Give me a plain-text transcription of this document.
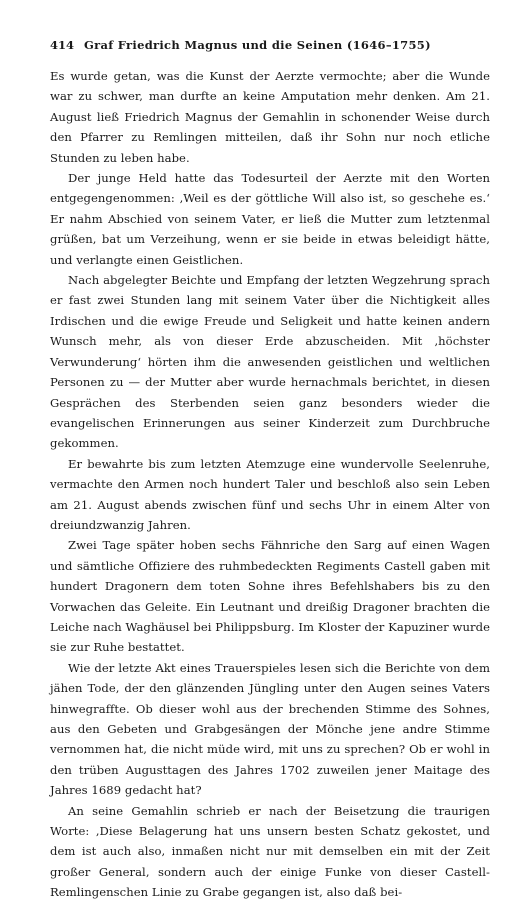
414 Graf Friedrich Magnus und die Seinen (1646–1755)

Es wurde getan, was die Kunst der Aerzte vermochte; aber die Wunde war zu schwer, man durfte an keine Amputation mehr denken. Am 21. August ließ Friedrich Magnus der Gemahlin in schonender Weise durch den Pfarrer zu Remlingen mitteilen, daß ihr Sohn nur noch etliche Stunden zu leben habe.

Der junge Held hatte das Todesurteil der Aerzte mit den Worten entgegengenommen: ‚Weil es der göttliche Will also ist, so geschehe es.‘ Er nahm Abschied von seinem Vater, er ließ die Mutter zum letztenmal grüßen, bat um Verzeihung, wenn er sie beide in etwas beleidigt hätte, und verlangte einen Geistlichen.

Nach abgelegter Beichte und Empfang der letzten Wegzehrung sprach er fast zwei Stunden lang mit seinem Vater über die Nichtigkeit alles Irdischen und die ewige Freude und Seligkeit und hatte keinen andern Wunsch mehr, als von dieser Erde abzuscheiden. Mit ‚höchster Verwunderung‘ hörten ihm die anwesenden geistlichen und weltlichen Personen zu — der Mutter aber wurde hernachmals berichtet, in diesen Gesprächen des Sterbenden seien ganz besonders wieder die evangelischen Erinnerungen aus seiner Kinderzeit zum Durchbruche gekommen.

Er bewahrte bis zum letzten Atemzuge eine wundervolle Seelenruhe, vermachte den Armen noch hundert Taler und beschloß also sein Leben am 21. August abends zwischen fünf und sechs Uhr in einem Alter von dreiundzwanzig Jahren.

Zwei Tage später hoben sechs Fähnriche den Sarg auf einen Wagen und sämtliche Offiziere des ruhmbedeckten Regiments Castell gaben mit hundert Dragonern dem toten Sohne ihres Befehlshabers bis zu den Vorwachen das Geleite. Ein Leutnant und dreißig Dragoner brachten die Leiche nach Waghäusel bei Philippsburg. Im Kloster der Kapuziner wurde sie zur Ruhe bestattet.

Wie der letzte Akt eines Trauerspieles lesen sich die Berichte von dem jähen Tode, der den glänzenden Jüngling unter den Augen seines Vaters hinwegraffte. Ob dieser wohl aus der brechenden Stimme des Sohnes, aus den Gebeten und Grabgesängen der Mönche jene andre Stimme vernommen hat, die nicht müde wird, mit uns zu sprechen? Ob er wohl in den trüben Augusttagen des Jahres 1702 zuweilen jener Maitage des Jahres 1689 gedacht hat?

An seine Gemahlin schrieb er nach der Beisetzung die traurigen Worte: ‚Diese Belagerung hat uns unsern besten Schatz gekostet, und dem ist auch also, inmaßen nicht nur mit demselben ein mit der Zeit großer General, sondern auch der einige Funke von dieser Castell-Remlingenschen Linie zu Grabe gegangen ist, also daß bei-
